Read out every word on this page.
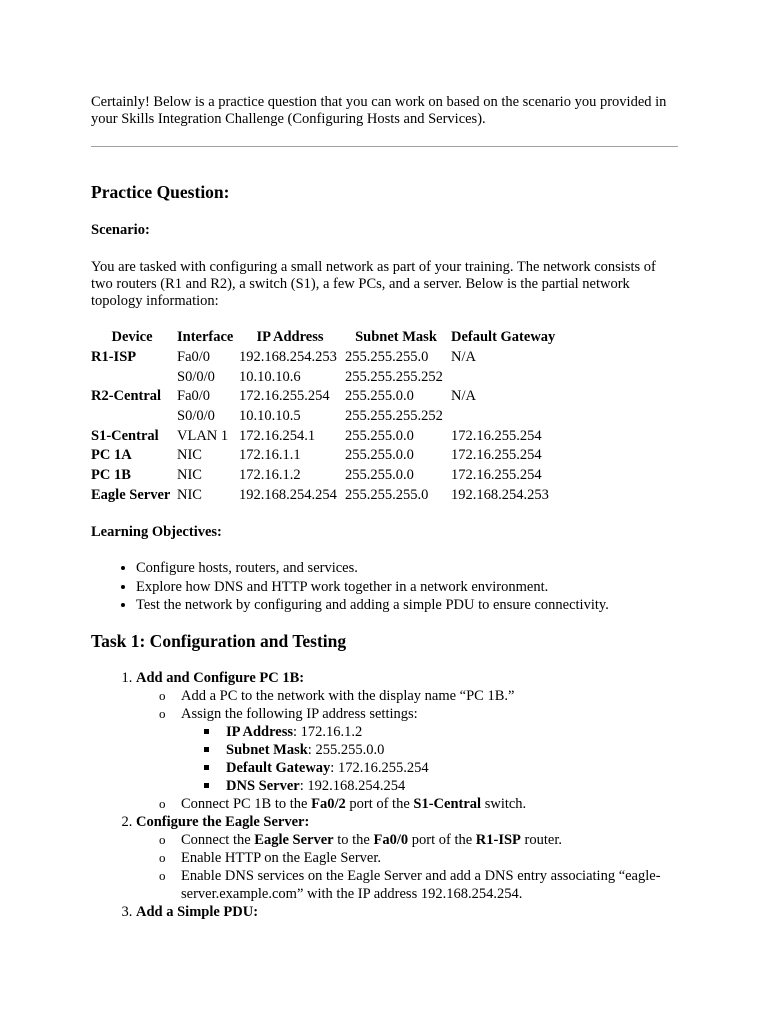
Certainly! Below is a practice question that you can work on based on the scenario you provided in your Skills Integration Challenge (Configuring Hosts and Services).
Practice Question:
Scenario:
You are tasked with configuring a small network as part of your training. The network consists of two routers (R1 and R2), a switch (S1), a few PCs, and a server. Below is the partial network topology information:
Device	Interface	IP Address	Subnet Mask	Default Gateway
R1-ISP	Fa0/0	192.168.254.253	255.255.255.0	N/A
	S0/0/0	10.10.10.6	255.255.255.252	
R2-Central	Fa0/0	172.16.255.254	255.255.0.0	N/A
	S0/0/0	10.10.10.5	255.255.255.252	
S1-Central	VLAN 1	172.16.254.1	255.255.0.0	172.16.255.254
PC 1A	NIC	172.16.1.1	255.255.0.0	172.16.255.254
PC 1B	NIC	172.16.1.2	255.255.0.0	172.16.255.254
Eagle Server	NIC	192.168.254.254	255.255.255.0	192.168.254.253
Learning Objectives:
• Configure hosts, routers, and services.
• Explore how DNS and HTTP work together in a network environment.
• Test the network by configuring and adding a simple PDU to ensure connectivity.
Task 1: Configuration and Testing
1. Add and Configure PC 1B:
o Add a PC to the network with the display name “PC 1B.”
o Assign the following IP address settings:
IP Address: 172.16.1.2
Subnet Mask: 255.255.0.0
Default Gateway: 172.16.255.254
DNS Server: 192.168.254.254
o Connect PC 1B to the Fa0/2 port of the S1-Central switch.
2. Configure the Eagle Server:
o Connect the Eagle Server to the Fa0/0 port of the R1-ISP router.
o Enable HTTP on the Eagle Server.
o Enable DNS services on the Eagle Server and add a DNS entry associating “eagle-server.example.com” with the IP address 192.168.254.254.
3. Add a Simple PDU:
